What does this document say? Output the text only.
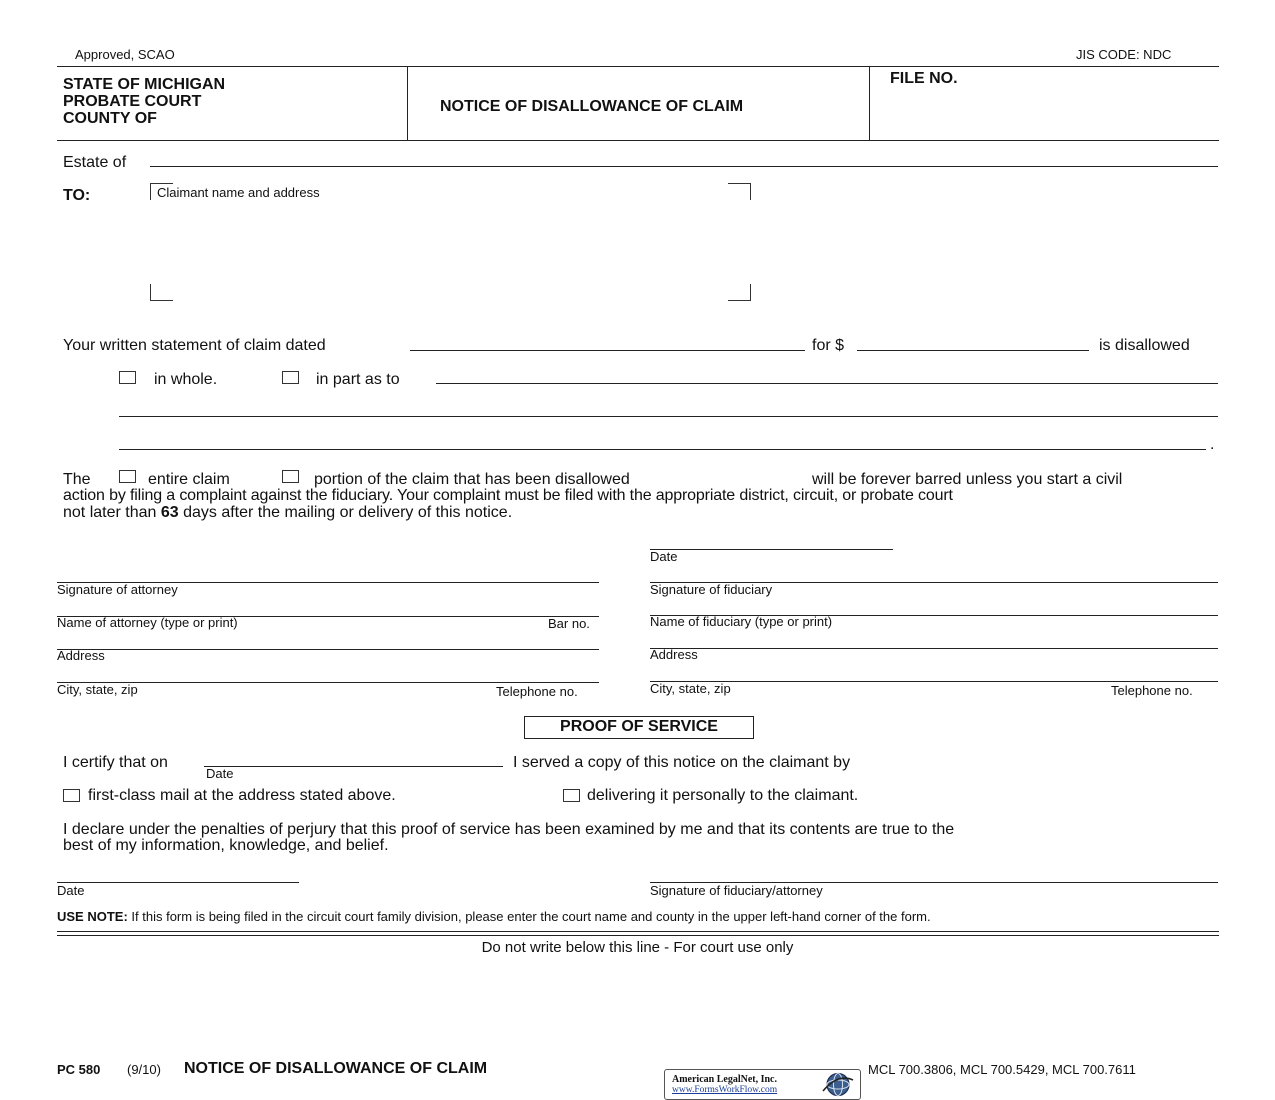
Approved, SCAO	JIS CODE: NDC
STATE OF MICHIGAN
PROBATE COURT
COUNTY OF
NOTICE OF DISALLOWANCE OF CLAIM
FILE NO.
Estate of
TO:	Claimant name and address
Your written statement of claim dated	for $	is disallowed
in whole.	in part as to
.
The	entire claim	portion of the claim that has been disallowed	will be forever barred unless you start a civil
action by filing a complaint against the fiduciary. Your complaint must be filed with the appropriate district, circuit, or probate court
not later than 63 days after the mailing or delivery of this notice.
Date
Signature of attorney	Signature of fiduciary
Name of attorney (type or print)	Bar no.	Name of fiduciary (type or print)
Address	Address
City, state, zip	Telephone no.	City, state, zip	Telephone no.
PROOF OF SERVICE
I certify that on
Date
I served a copy of this notice on the claimant by
first-class mail at the address stated above.	delivering it personally to the claimant.
I declare under the penalties of perjury that this proof of service has been examined by me and that its contents are true to the
best of my information, knowledge, and belief.
Date	Signature of fiduciary/attorney
USE NOTE: If this form is being filed in the circuit court family division, please enter the court name and county in the upper left-hand corner of the form.
Do not write below this line - For court use only
PC 580 (9/10) NOTICE OF DISALLOWANCE OF CLAIM
American LegalNet, Inc.
www.FormsWorkFlow.com
MCL 700.3806, MCL 700.5429, MCL 700.7611
